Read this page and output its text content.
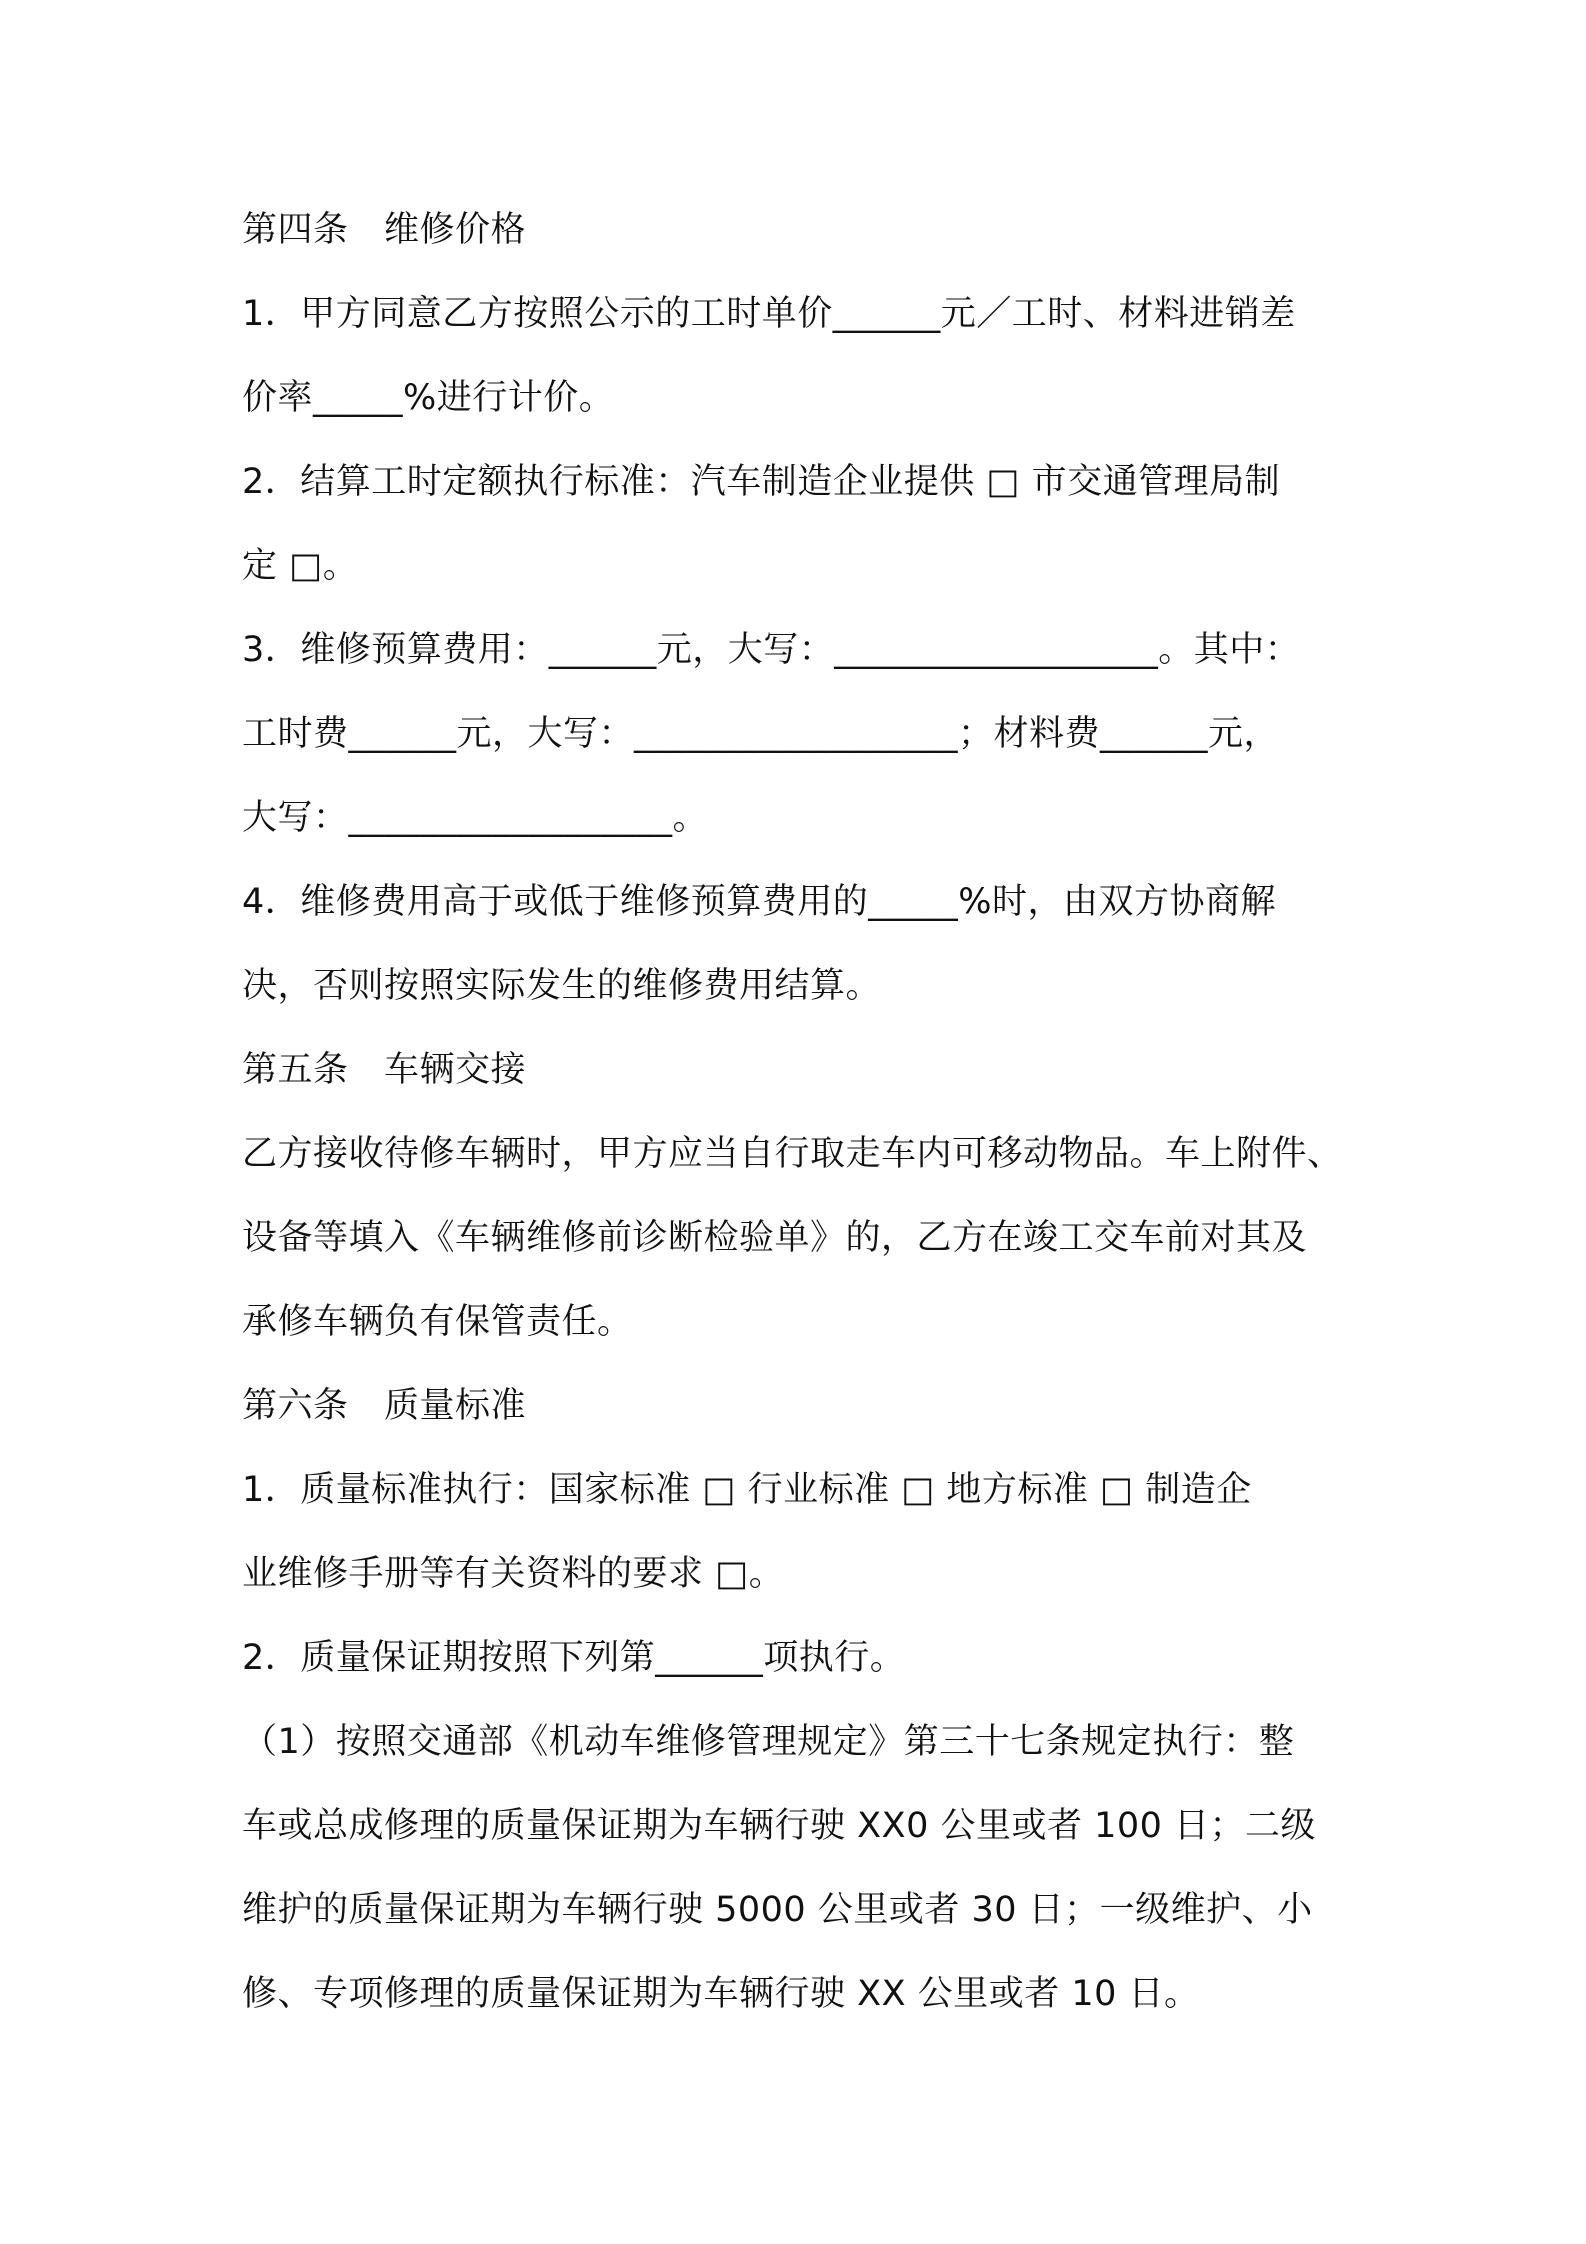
第四条　维修价格
1．甲方同意乙方按照公示的工时单价______元／工时、材料进销差
价率_____%进行计价。
2．结算工时定额执行标准：汽车制造企业提供 □ 市交通管理局制
定 □。
3．维修预算费用：______元，大写：__________________。其中：
工时费______元，大写：__________________；材料费______元，
大写：__________________。
4．维修费用高于或低于维修预算费用的_____%时，由双方协商解
决，否则按照实际发生的维修费用结算。
第五条　车辆交接
乙方接收待修车辆时，甲方应当自行取走车内可移动物品。车上附件、
设备等填入《车辆维修前诊断检验单》的，乙方在竣工交车前对其及
承修车辆负有保管责任。
第六条　质量标准
1．质量标准执行：国家标准 □ 行业标准 □ 地方标准 □ 制造企
业维修手册等有关资料的要求 □。
2．质量保证期按照下列第______项执行。
（1）按照交通部《机动车维修管理规定》第三十七条规定执行：整
车或总成修理的质量保证期为车辆行驶 XX0 公里或者 100 日；二级
维护的质量保证期为车辆行驶 5000 公里或者 30 日；一级维护、小
修、专项修理的质量保证期为车辆行驶 XX 公里或者 10 日。
